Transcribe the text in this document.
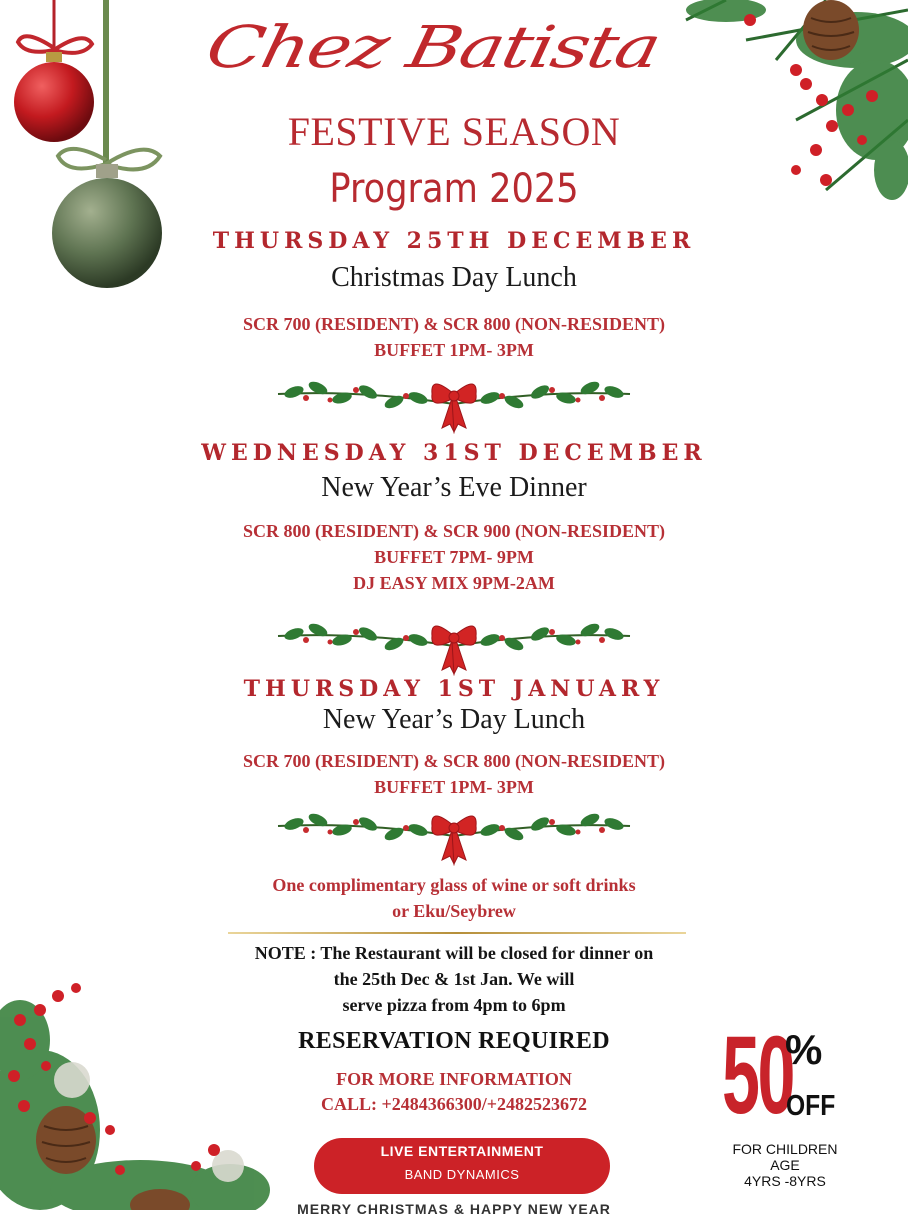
Chez Batista
FESTIVE SEASON
Program 2025
THURSDAY 25TH DECEMBER
Christmas Day Lunch
SCR 700 (RESIDENT) & SCR 800 (NON-RESIDENT)
BUFFET 1PM- 3PM
WEDNESDAY 31ST DECEMBER
New Year’s Eve Dinner
SCR 800 (RESIDENT) & SCR 900 (NON-RESIDENT)
BUFFET 7PM- 9PM
DJ EASY MIX 9PM-2AM
THURSDAY 1ST JANUARY
New Year’s Day Lunch
SCR 700 (RESIDENT) & SCR 800 (NON-RESIDENT)
BUFFET 1PM- 3PM
One complimentary glass of wine or soft drinks
or Eku/Seybrew
NOTE : The Restaurant will be closed for dinner on
the 25th Dec & 1st Jan. We will
serve pizza from 4pm to 6pm
RESERVATION REQUIRED
FOR MORE INFORMATION
CALL: +2484366300/+2482523672
LIVE ENTERTAINMENT
BAND DYNAMICS
MERRY CHRISTMAS & HAPPY NEW YEAR
50
%
OFF
FOR CHILDREN AGE
4YRS -8YRS
